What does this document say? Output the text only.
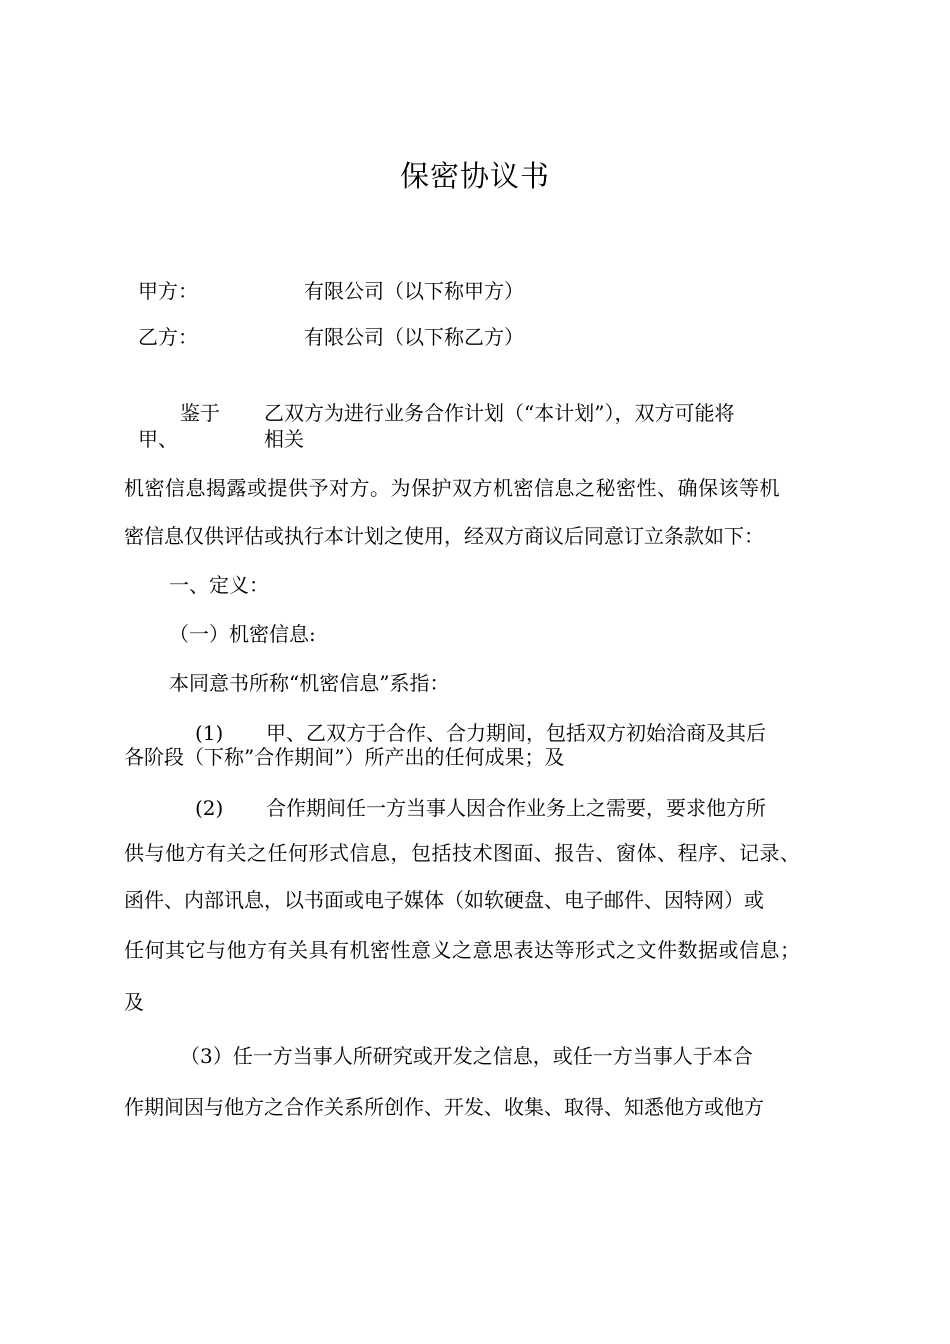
保密协议书
甲方：	有限公司（以下称甲方）
乙方：	有限公司（以下称乙方）
鉴于
甲、
乙双方为进行业务合作计划（“本计划”），双方可能将
相关
机密信息揭露或提供予对方。为保护双方机密信息之秘密性、确保该等机
密信息仅供评估或执行本计划之使用，经双方商议后同意订立条款如下：
一、定义：
（一）机密信息:
本同意书所称“机密信息”系指：
(1) 甲、乙双方于合作、合力期间，包括双方初始洽商及其后
各阶段（下称”合作期间”）所产出的任何成果；及
(2) 合作期间任一方当事人因合作业务上之需要，要求他方所
供与他方有关之任何形式信息，包括技术图面、报告、窗体、程序、记录、
函件、内部讯息，以书面或电子媒体（如软硬盘、电子邮件、因特网）或
任何其它与他方有关具有机密性意义之意思表达等形式之文件数据或信息；
及
（3）任一方当事人所研究或开发之信息，或任一方当事人于本合
作期间因与他方之合作关系所创作、开发、收集、取得、知悉他方或他方
